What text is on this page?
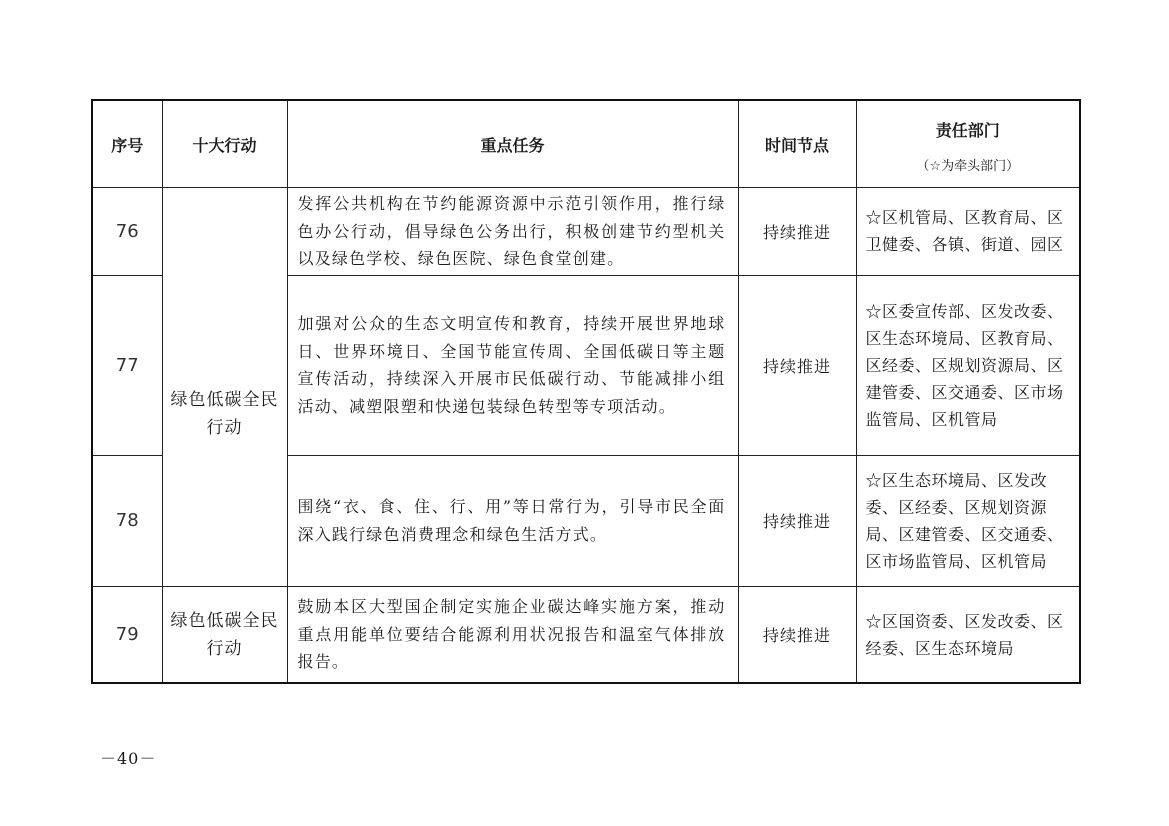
序号	十大行动	重点任务	时间节点	责任部门
（☆为牵头部门）

76	绿色低碳全民行动	发挥公共机构在节约能源资源中示范引领作用，推行绿色办公行动，倡导绿色公务出行，积极创建节约型机关以及绿色学校、绿色医院、绿色食堂创建。	持续推进	☆区机管局、区教育局、区卫健委、各镇、街道、园区
77		加强对公众的生态文明宣传和教育，持续开展世界地球日、世界环境日、全国节能宣传周、全国低碳日等主题宣传活动，持续深入开展市民低碳行动、节能减排小组活动、减塑限塑和快递包装绿色转型等专项活动。	持续推进	☆区委宣传部、区发改委、区生态环境局、区教育局、区经委、区规划资源局、区建管委、区交通委、区市场监管局、区机管局
78		围绕“衣、食、住、行、用”等日常行为，引导市民全面深入践行绿色消费理念和绿色生活方式。	持续推进	☆区生态环境局、区发改委、区经委、区规划资源局、区建管委、区交通委、区市场监管局、区机管局
79	绿色低碳全民行动	鼓励本区大型国企制定实施企业碳达峰实施方案，推动重点用能单位要结合能源利用状况报告和温室气体排放报告。	持续推进	☆区国资委、区发改委、区经委、区生态环境局
－40－
